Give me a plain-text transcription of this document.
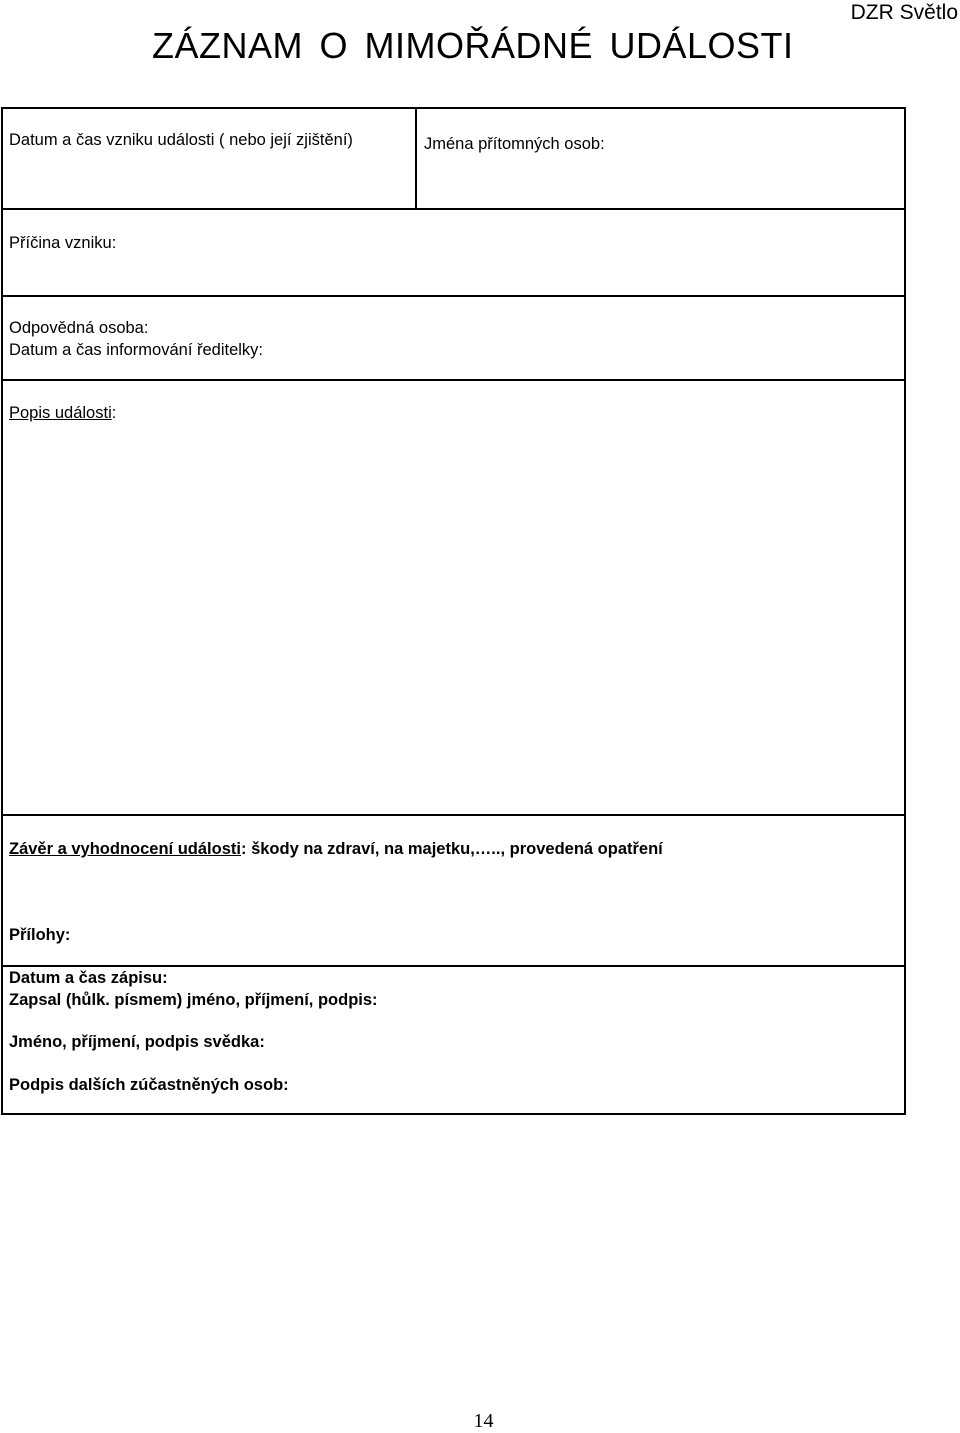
DZR Světlo
ZÁZNAM O MIMOŘÁDNÉ UDÁLOSTI
Datum a čas vzniku události ( nebo její zjištění)	Jména přítomných osob:
Příčina vzniku:
Odpovědná osoba:
Datum a čas informování ředitelky:
Popis události:
Závěr a vyhodnocení události: škody na zdraví, na majetku,….., provedená opatření
Přílohy:
Datum a čas zápisu:
Zapsal (hůlk. písmem) jméno, příjmení, podpis:
Jméno, příjmení, podpis svědka:
Podpis dalších zúčastněných osob:
14
